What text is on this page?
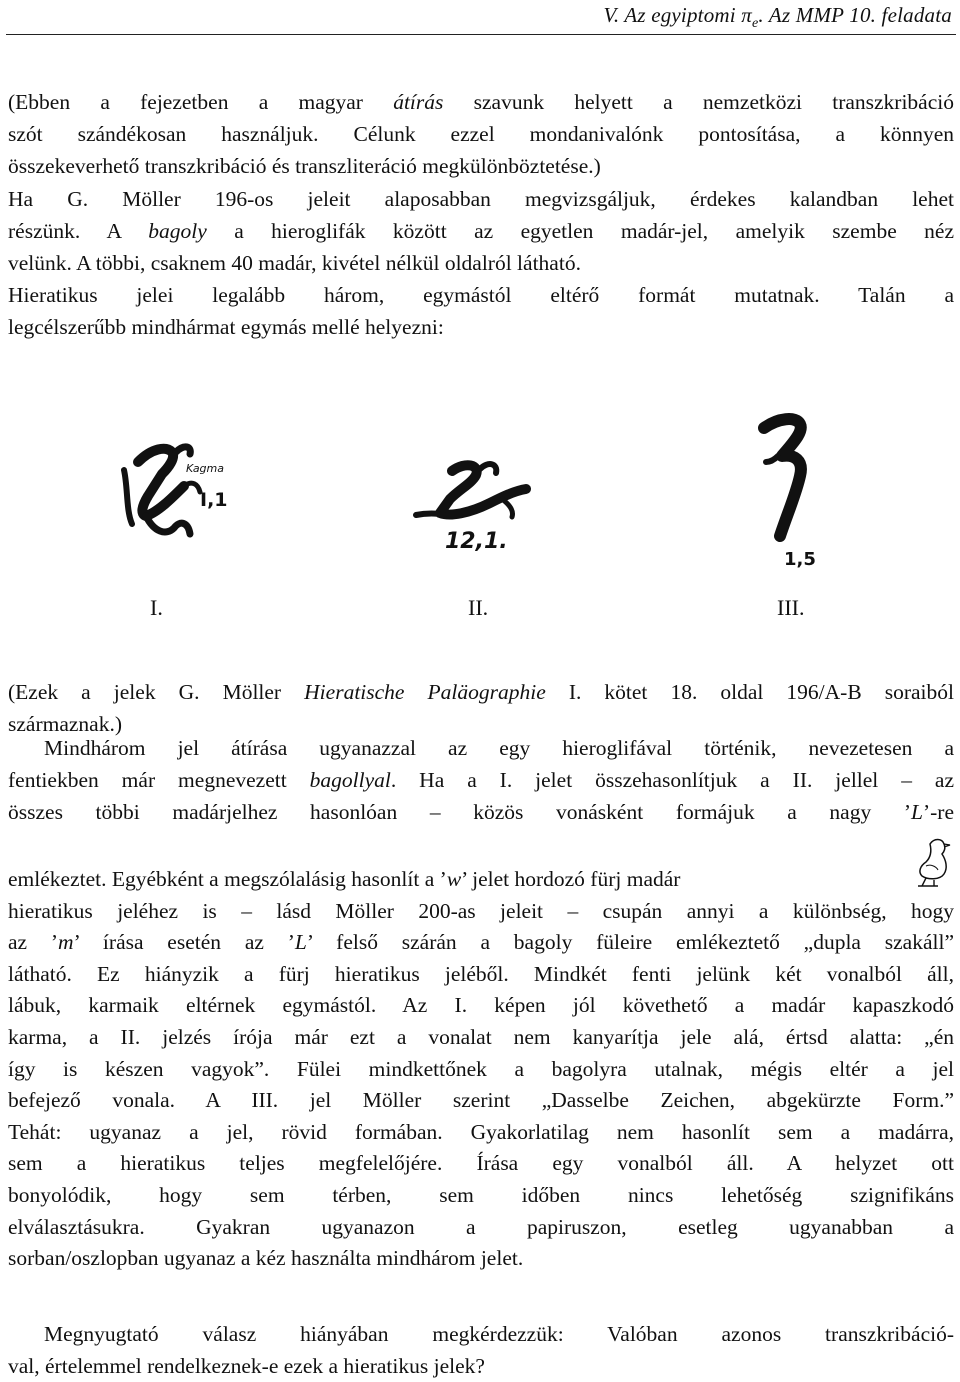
V. Az egyiptomi $\pi_e$. Az MMP 10. feladata
(Ebben a fejezetben a magyar átírás szavunk helyett a nemzetközi transzkribáció
szót szándékosan használjuk. Célunk ezzel mondanivalónk pontosítása, a könnyen
összekeverhető transzkribáció és transzliteráció megkülönböztetése.)
Ha G. Möller 196-os jeleit alaposabban megvizsgáljuk, érdekes kalandban lehet
részünk. A bagoly a hieroglifák között az egyetlen madár-jel, amelyik szembe néz
velünk. A többi, csaknem 40 madár, kivétel nélkül oldalról látható.
Hieratikus jelei legalább három, egymástól eltérő formát mutatnak. Talán a
legcélszerűbb mindhármat egymás mellé helyezni:
Kagma
I,1
12,1.
1,5
I.	II.	III.
(Ezek a jelek G. Möller Hieratische Paläographie I. kötet 18. oldal 196/A-B soraiból
származnak.)
Mindhárom jel átírása ugyanazzal az egy hieroglifával történik, nevezetesen a
fentiekben már megnevezett bagollyal. Ha a I. jelet összehasonlítjuk a II. jellel – az
összes többi madárjelhez hasonlóan – közös vonásként formájuk a nagy ’L’-re
emlékeztet. Egyébként a megszólalásig hasonlít a ’w’ jelet hordozó fürj madár
hieratikus jeléhez is – lásd Möller 200-as jeleit – csupán annyi a különbség, hogy
az ’m’ írása esetén az ’L’ felső szárán a bagoly füleire emlékeztető „dupla szakáll”
látható. Ez hiányzik a fürj hieratikus jeléből. Mindkét fenti jelünk két vonalból áll,
lábuk, karmaik eltérnek egymástól. Az I. képen jól követhető a madár kapaszkodó
karma, a II. jelzés írója már ezt a vonalat nem kanyarítja jele alá, értsd alatta: „én
így is készen vagyok”. Fülei mindkettőnek a bagolyra utalnak, mégis eltér a jel
befejező vonala. A III. jel Möller szerint „Dasselbe Zeichen, abgekürzte Form.”
Tehát: ugyanaz a jel, rövid formában. Gyakorlatilag nem hasonlít sem a madárra,
sem a hieratikus teljes megfelelőjére. Írása egy vonalból áll. A helyzet ott
bonyolódik, hogy sem térben, sem időben nincs lehetőség szignifikáns
elválasztásukra. Gyakran ugyanazon a papiruszon, esetleg ugyanabban a
sorban/oszlopban ugyanaz a kéz használta mindhárom jelet.
Megnyugtató válasz hiányában megkérdezzük: Valóban azonos transzkribáció-
val, értelemmel rendelkeznek-e ezek a hieratikus jelek?
